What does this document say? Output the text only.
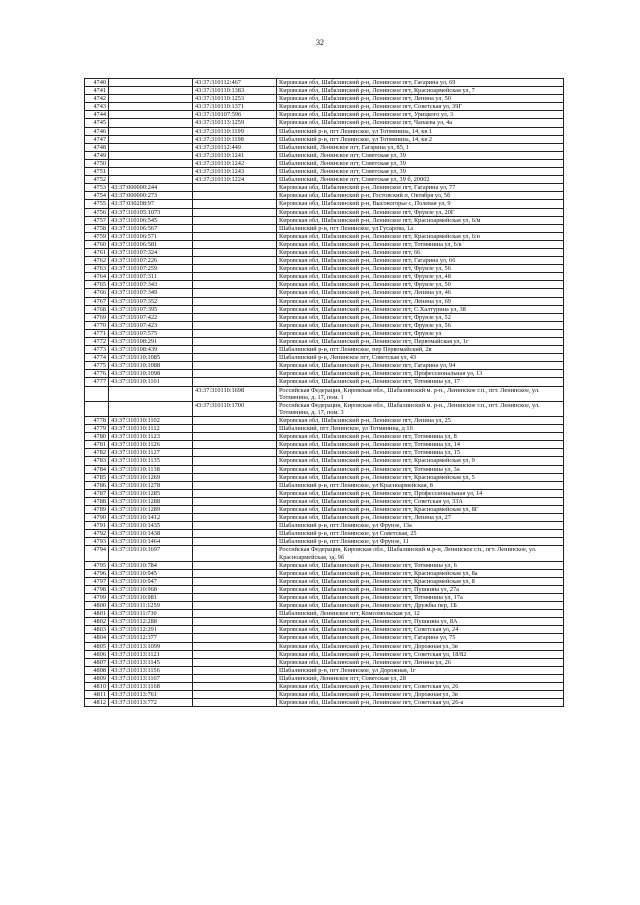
32
4740		43:37:310112:467	Кировская обл, Шабалинский р-н, Ленинское пгт, Гагарина ул, 69
4741		43:37:310110:1383	Кировская обл, Шабалинский р-н, Ленинское пгт, Красноармейская ул, 7
4742		43:37:310110:1253	Кировская обл, Шабалинский р-н, Ленинское пгт, Ленина ул, 50
4743		43:37:310110:1371	Кировская обл, Шабалинский р-н, Ленинское пгт, Советская ул, 39Г
4744		43:37:310107:596	Кировская обл, Шабалинский р-н, Ленинское пгт, Урицкого ул, 3
4745		43:37:310113:1259	Кировская обл, Шабалинский р-н, Ленинское пгт, Чапаева ул, 4а
4746		43:37:310110:1199	Шабалинский р-н, пгт Ленинское, ул Тотмянина, 14, кв 1
4747		43:37:310110:1198	Шабалинский р-н, пгт Ленинское, ул Тотмянина, 14, кв 2
4748		43:37:310112:449	Шабалинский, Ленинское пгт, Гагарина ул, 85, 1
4749		43:37:310110:1241	Шабалинский, Ленинское пгт, Советская ул, 39
4750		43:37:310110:1242	Шабалинский, Ленинское пгт, Советская ул, 39
4751		43:37:310110:1243	Шабалинский, Ленинское пгт, Советская ул, 39
4752		43:37:310110:1224	Шабалинский, Ленинское пгт, Советская ул, 39 б, 20002
4753	43:37:000000:244		Кировская обл, Шабалинский р-н, Ленинское пгт, Гагарина ул, 77
4754	43:37:000000:273		Кировская обл, Шабалинский р-н, Гостовский п, Октября ул, 5б
4755	43:37:030208:97		Кировская обл, Шабалинский р-н, Высокогорье с, Полевая ул, 9
4756	43:37:310105:1073		Кировская обл, Шабалинский р-н, Ленинское пгт, Фрунзе ул, 20Г
4757	43:37:310106:545		Кировская обл, Шабалинский р-н, Ленинское пгт, Красноармейская ул, 6/м
4758	43:37:310106:567		Шабалинский р-н, пгт Ленинское, ул Гусарова, 1а
4759	43:37:310106:571		Кировская обл, Шабалинский р-н, Ленинское пгт, Красноармейская ул, 6/н
4760	43:37:310106:581		Кировская обл, Шабалинский р-н, Ленинское пгт, Тотмянина ул, 6/в
4761	43:37:310107:324		Кировская обл, Шабалинский р-н, Ленинское пгт, 66
4762	43:37:310107:226		Кировская обл, Шабалинский р-н, Ленинское пгт, Гагарина ул, 66
4763	43:37:310107:259		Кировская обл, Шабалинский р-н, Ленинское пгт, Фрунзе ул, 56
4764	43:37:310107:311		Кировская обл, Шабалинский р-н, Ленинское пгт, Фрунзе ул, 48
4765	43:37:310107:343		Кировская обл, Шабалинский р-н, Ленинское пгт, Фрунзе ул, 50
4766	43:37:310107:349		Кировская обл, Шабалинский р-н, Ленинское пгт, Ленина ул, 46
4767	43:37:310107:352		Кировская обл, Шабалинский р-н, Ленинское пгт, Ленина ул, 69
4768	43:37:310107:395		Кировская обл, Шабалинский р-н, Ленинское пгт, С.Халтурина ул, 38
4769	43:37:310107:422		Кировская обл, Шабалинский р-н, Ленинское пгт, Фрунзе ул, 52
4770	43:37:310107:423		Кировская обл, Шабалинский р-н, Ленинское пгт, Фрунзе ул, 56
4771	43:37:310107:575		Кировская обл, Шабалинский р-н, Ленинское пгт, Фрунзе ул
4772	43:37:310108:291		Кировская обл, Шабалинский р-н, Ленинское пгт, Первомайская ул, 1г
4773	43:37:310108:439		Шабалинский р-н, пгт Ленинское, пер Первомайский, 2в
4774	43:37:310110:1085		Шабалинский р-н, Ленинское пгт, Советская ул, 43
4775	43:37:310110:1088		Кировская обл, Шабалинский р-н, Ленинское пгт, Гагарина ул, 94
4776	43:37:310110:1098		Кировская обл, Шабалинский р-н, Ленинское пгт, Профессиональная ул, 13
4777	43:37:310110:1101		Кировская обл, Шабалинский р-н, Ленинское пгт, Тотмянина ул, 17
		43:37:310110:1698	Российская Федерация, Кировская обл., Шабалинский м. р-н., Ленинское г.п., пгт. Ленинское, ул. Тотмянина, д. 17, пом. 1
		43:37:310110:1700	Российская Федерация, Кировская обл., Шабалинский м. р-н., Ленинское г.п., пгт. Ленинское, ул. Тотмянина, д. 17, пом. 3
4778	43:37:310110:1102		Кировская обл, Шабалинский р-н, Ленинское пгт, Ленина ул, 25
4779	43:37:310110:1112		Шабалинский, пгт Ленинское, ул Тотмянина, д 16
4780	43:37:310110:1123		Кировская обл, Шабалинский р-н, Ленинское пгт, Тотмянина ул, 8
4781	43:37:310110:1126		Кировская обл, Шабалинский р-н, Ленинское пгт, Тотмянина ул, 14
4782	43:37:310110:1127		Кировская обл, Шабалинский р-н, Ленинское пгт, Тотмянина ул, 15
4783	43:37:310110:1135		Кировская обл, Шабалинский р-н, Ленинское пгт, Красноармейская ул, 9
4784	43:37:310110:1138		Кировская обл, Шабалинский р-н, Ленинское пгт, Тотмянина ул, 3а
4785	43:37:310110:1269		Кировская обл, Шабалинский р-н, Ленинское пгт, Красноармейская ул, 5
4786	43:37:310110:1278		Шабалинский р-н, пгт Ленинское, ул Красноармейская, 8
4787	43:37:310110:1285		Кировская обл, Шабалинский р-н, Ленинское пгт, Профессиональная ул, 14
4788	43:37:310110:1288		Кировская обл, Шабалинский р-н, Ленинское пгт, Советская ул, 33А
4789	43:37:310110:1289		Кировская обл, Шабалинский р-н, Ленинское пгт, Красноармейская ул, 8Г
4790	43:37:310110:1412		Кировская обл, Шабалинский р-н, Ленинское пгт, Ленина ул, 27
4791	43:37:310110:1435		Шабалинский р-н, пгт Ленинское, ул Фрунзе, 13а
4792	43:37:310110:1438		Шабалинский р-н, пгт Ленинское, ул Советская, 25
4793	43:37:310110:1464		Шабалинский р-н, пгт Ленинское, ул Фрунзе, 11
4794	43:37:310110:1697		Российская Федерация, Кировская обл., Шабалинский м.р-н, Ленинское г.п., пгт. Ленинское, ул. Красноармейская, зд. 9б
4795	43:37:310110:784		Кировская обл, Шабалинский р-н, Ленинское пгт, Тотмянина ул, 6
4796	43:37:310110:945		Кировская обл, Шабалинский р-н, Ленинское пгт, Красноармейская ул, 8а
4797	43:37:310110:947		Кировская обл, Шабалинский р-н, Ленинское пгт, Красноармейская ул, 8
4798	43:37:310110:968		Кировская обл, Шабалинский р-н, Ленинское пгт, Пушкина ул, 27а
4799	43:37:310110:981		Кировская обл, Шабалинский р-н, Ленинское пгт, Тотмянина ул, 17а
4800	43:37:310111:1259		Кировская обл, Шабалинский р-н, Ленинское пгт, Дружбы пер, 1Б
4801	43:37:310111:730		Шабалинский, Ленинское пгт, Комсомольская ул, 12
4802	43:37:310112:288		Кировская обл, Шабалинский р-н, Ленинское пгт, Пушкина ул, 8А
4803	43:37:310112:291		Кировская обл, Шабалинский р-н, Ленинское пгт, Советская ул, 24
4804	43:37:310112:377		Кировская обл, Шабалинский р-н, Ленинское пгт, Гагарина ул, 75
4805	43:37:310113:1099		Кировская обл, Шабалинский р-н, Ленинское пгт, Дорожная ул, 3в
4806	43:37:310113:1121		Кировская обл, Шабалинский р-н, Ленинское пгт, Советская ул, 18/82
4807	43:37:310113:1145		Кировская обл, Шабалинский р-н, Ленинское пгт, Ленина ул, 26
4808	43:37:310113:1156		Шабалинский р-н, пгт Ленинское, ул Дорожная, 1г
4809	43:37:310113:1167		Шабалинский, Ленинское пгт, Советская ул, 28
4810	43:37:310113:1168		Кировская обл, Шабалинский р-н, Ленинское пгт, Советская ул, 26
4811	43:37:310113:761		Кировская обл, Шабалинский р-н, Ленинское пгт, Дорожная ул, 3в
4812	43:37:310113:772		Кировская обл, Шабалинский р-н, Ленинское пгт, Советская ул, 26-а
